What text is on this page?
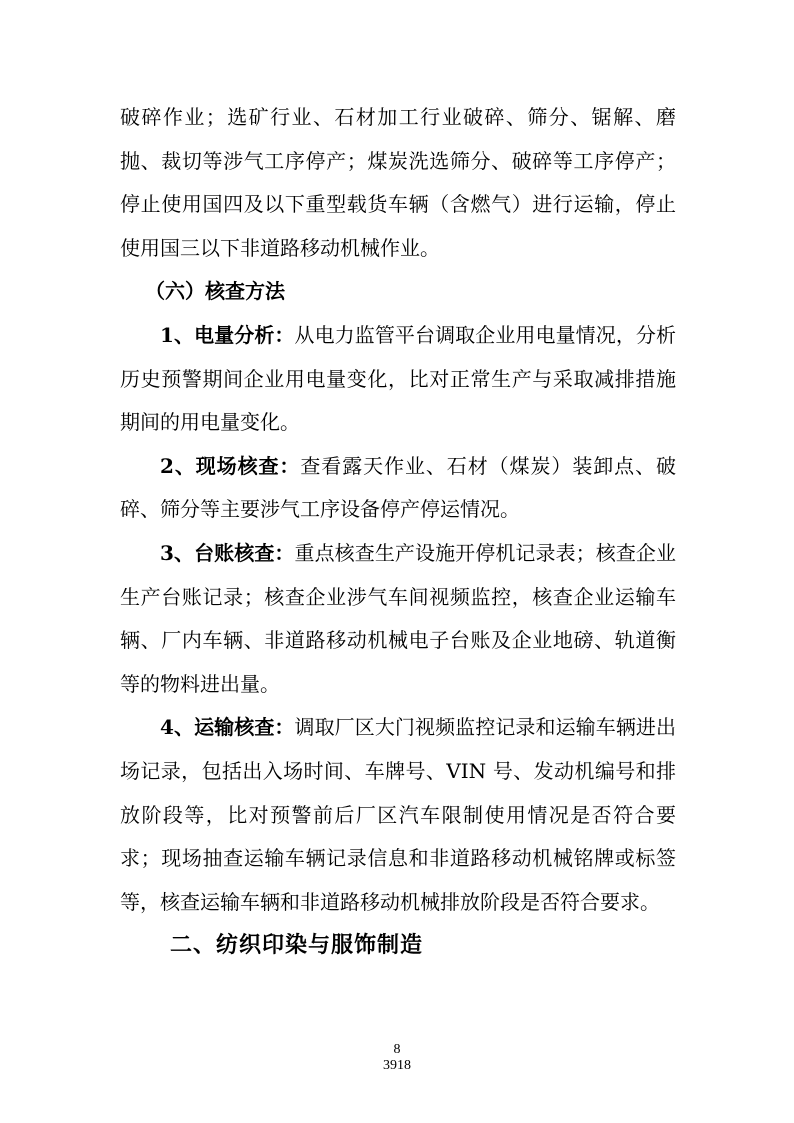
破碎作业；选矿行业、石材加工行业破碎、筛分、锯解、磨抛、裁切等涉气工序停产；煤炭洗选筛分、破碎等工序停产；停止使用国四及以下重型载货车辆（含燃气）进行运输，停止使用国三以下非道路移动机械作业。

（六）核查方法

1、电量分析：从电力监管平台调取企业用电量情况，分析历史预警期间企业用电量变化，比对正常生产与采取减排措施期间的用电量变化。

2、现场核查：查看露天作业、石材（煤炭）装卸点、破碎、筛分等主要涉气工序设备停产停运情况。

3、台账核查：重点核查生产设施开停机记录表；核查企业生产台账记录；核查企业涉气车间视频监控，核查企业运输车辆、厂内车辆、非道路移动机械电子台账及企业地磅、轨道衡等的物料进出量。

4、运输核查：调取厂区大门视频监控记录和运输车辆进出场记录，包括出入场时间、车牌号、VIN 号、发动机编号和排放阶段等，比对预警前后厂区汽车限制使用情况是否符合要求；现场抽查运输车辆记录信息和非道路移动机械铭牌或标签等，核查运输车辆和非道路移动机械排放阶段是否符合要求。

二、纺织印染与服饰制造
8
3918
